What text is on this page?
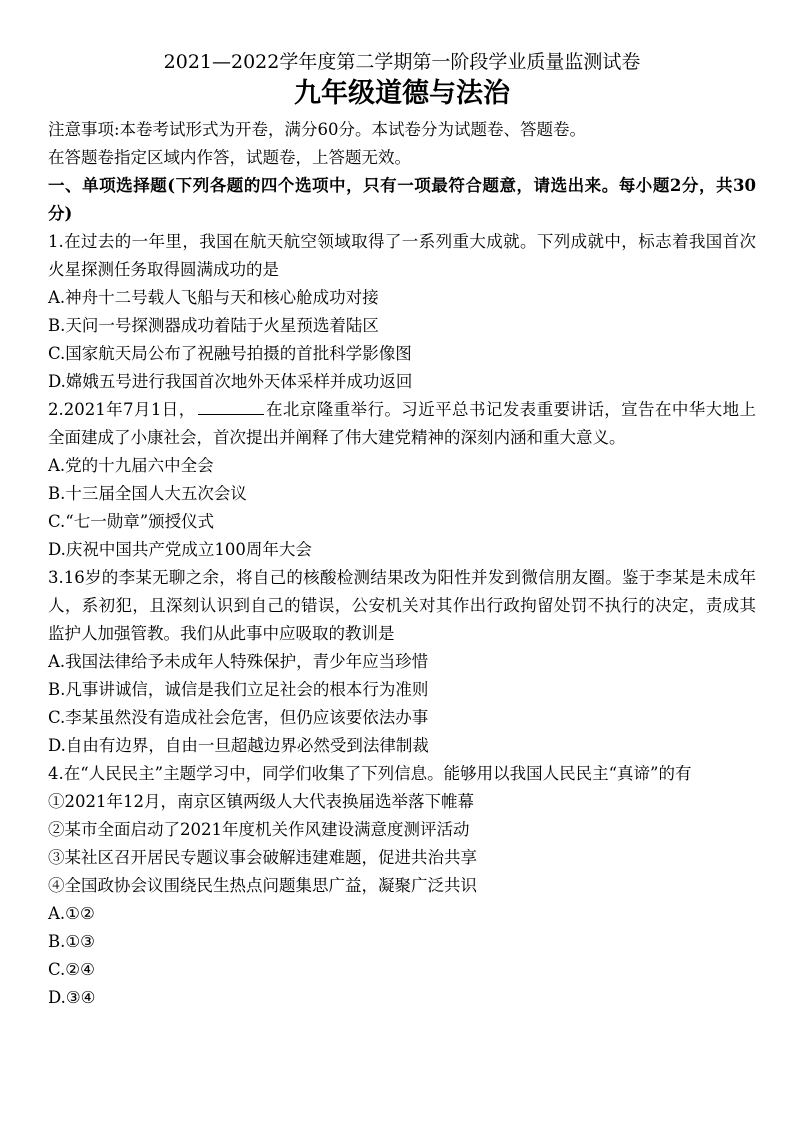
2021—2022学年度第二学期第一阶段学业质量监测试卷

九年级道德与法治

注意事项:本卷考试形式为开卷，满分60分。本试卷分为试题卷、答题卷。

在答题卷指定区域内作答，试题卷，上答题无效。

一、单项选择题(下列各题的四个选项中，只有一项最符合题意，请选出来。每小题2分，共30分)

1.在过去的一年里，我国在航天航空领域取得了一系列重大成就。下列成就中，标志着我国首次火星探测任务取得圆满成功的是

A.神舟十二号载人飞船与天和核心舱成功对接

B.天问一号探测器成功着陆于火星预选着陆区

C.国家航天局公布了祝融号拍摄的首批科学影像图

D.嫦娥五号进行我国首次地外天体采样并成功返回

2.2021年7月1日，	在北京隆重举行。习近平总书记发表重要讲话，宣告在中华大地上全面建成了小康社会，首次提出并阐释了伟大建党精神的深刻内涵和重大意义。

A.党的十九届六中全会

B.十三届全国人大五次会议

C.“七一勋章”颁授仪式

D.庆祝中国共产党成立100周年大会

3.16岁的李某无聊之余，将自己的核酸检测结果改为阳性并发到微信朋友圈。鉴于李某是未成年人，系初犯，且深刻认识到自己的错误，公安机关对其作出行政拘留处罚不执行的决定，责成其监护人加强管教。我们从此事中应吸取的教训是

A.我国法律给予未成年人特殊保护，青少年应当珍惜

B.凡事讲诚信，诚信是我们立足社会的根本行为准则

C.李某虽然没有造成社会危害，但仍应该要依法办事

D.自由有边界，自由一旦超越边界必然受到法律制裁

4.在“人民民主”主题学习中，同学们收集了下列信息。能够用以我国人民民主“真谛”的有

①2021年12月，南京区镇两级人大代表换届选举落下帷幕

②某市全面启动了2021年度机关作风建设满意度测评活动

③某社区召开居民专题议事会破解违建难题，促进共治共享

④全国政协会议围绕民生热点问题集思广益，凝聚广泛共识

A.①②

B.①③

C.②④

D.③④
